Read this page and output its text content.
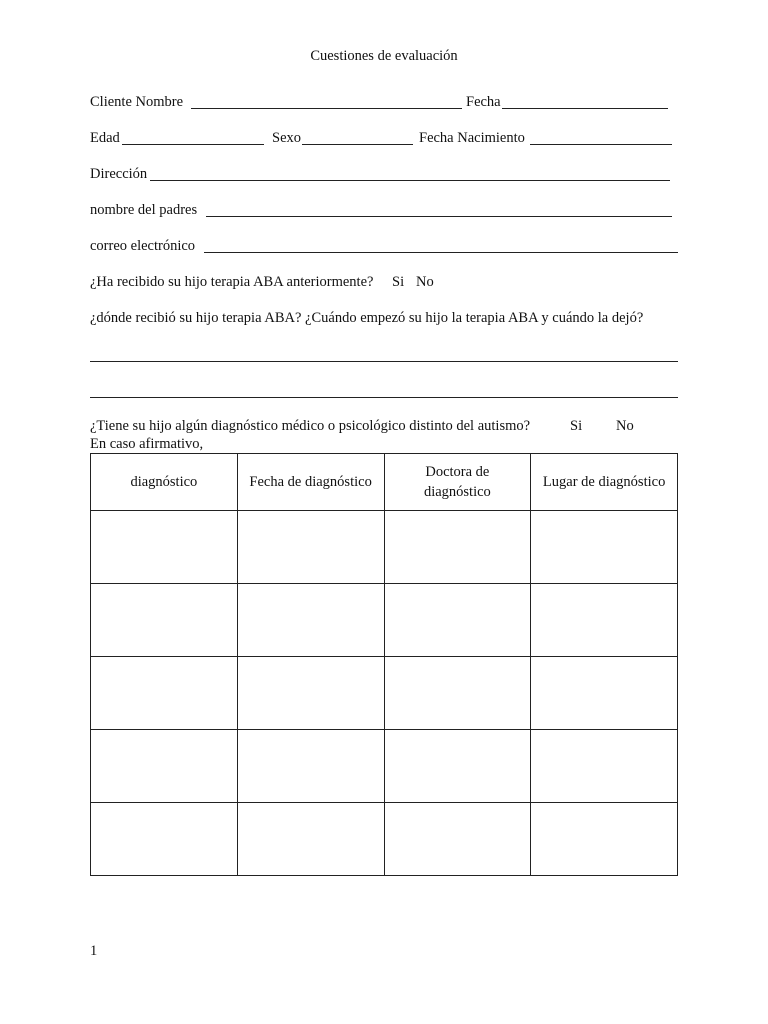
Cuestiones de evaluación
Cliente Nombre	Fecha
Edad	Sexo	Fecha Nacimiento
Dirección
nombre del padres
correo electrónico
¿Ha recibido su hijo terapia ABA anteriormente? Si No
¿dónde recibió su hijo terapia ABA? ¿Cuándo empezó su hijo la terapia ABA y cuándo la dejó?
¿Tiene su hijo algún diagnóstico médico o psicológico distinto del autismo?	Si No
En caso afirmativo,
diagnóstico	Fecha de diagnóstico	Doctora de diagnóstico	Lugar de diagnóstico

1
